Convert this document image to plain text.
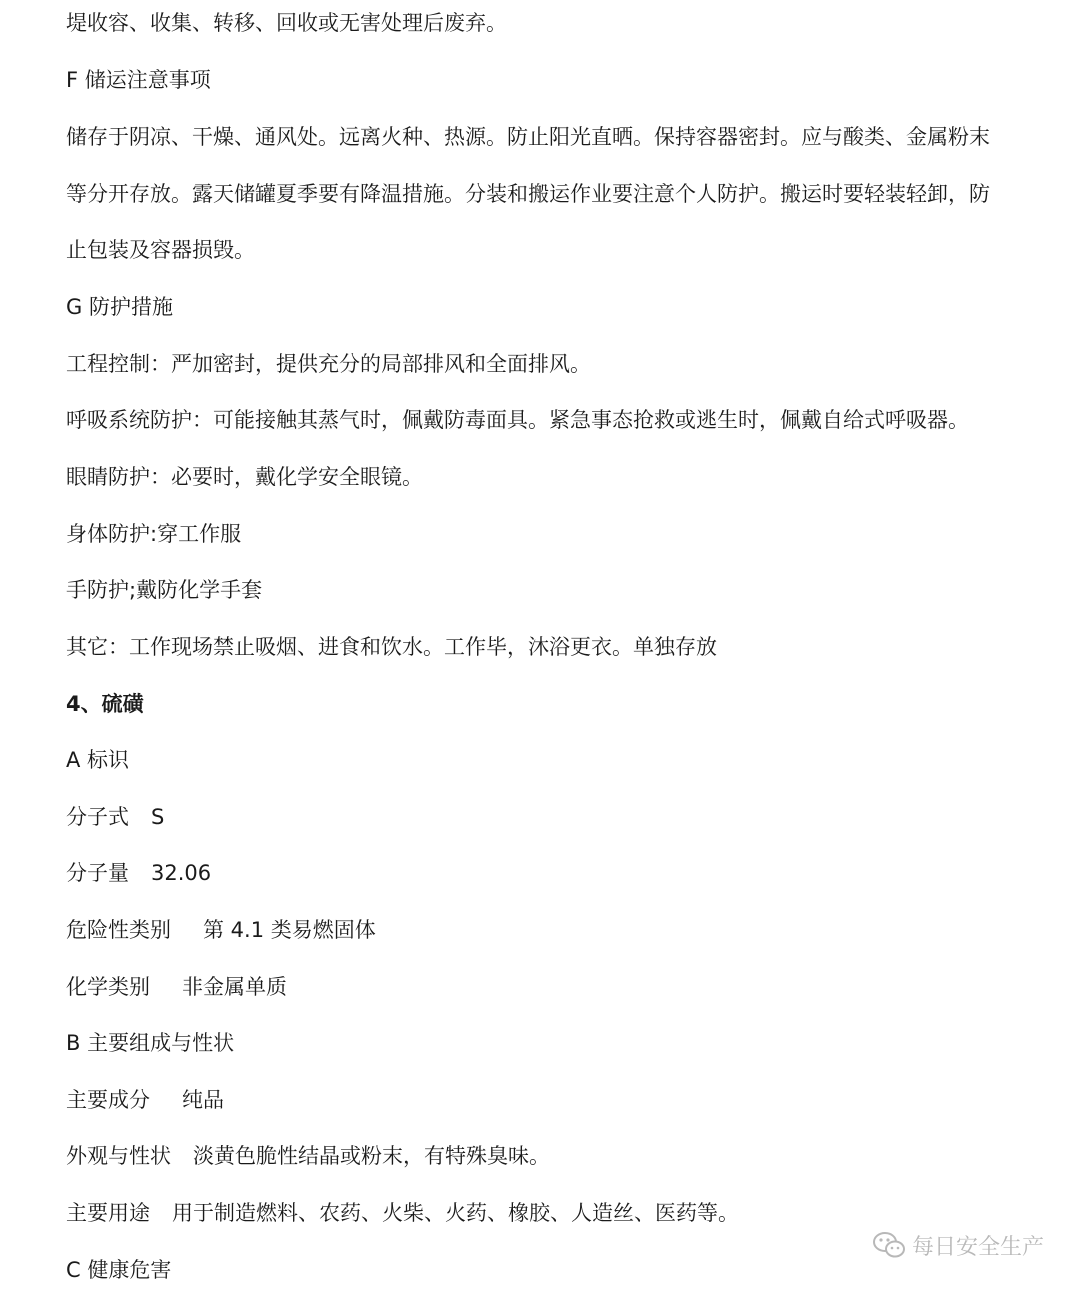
堤收容、收集、转移、回收或无害处理后废弃。
F 储运注意事项
储存于阴凉、干燥、通风处。远离火种、热源。防止阳光直晒。保持容器密封。应与酸类、金属粉末
等分开存放。露天储罐夏季要有降温措施。分装和搬运作业要注意个人防护。搬运时要轻装轻卸，防
止包装及容器损毁。
G 防护措施
工程控制：严加密封，提供充分的局部排风和全面排风。
呼吸系统防护：可能接触其蒸气时，佩戴防毒面具。紧急事态抢救或逃生时，佩戴自给式呼吸器。
眼睛防护：必要时，戴化学安全眼镜。
身体防护:穿工作服
手防护;戴防化学手套
其它：工作现场禁止吸烟、进食和饮水。工作毕，沐浴更衣。单独存放
4、硫磺
A 标识
分子式 S
分子量 32.06
危险性类别 第 4.1 类易燃固体
化学类别 非金属单质
B 主要组成与性状
主要成分 纯品
外观与性状 淡黄色脆性结晶或粉末，有特殊臭味。
主要用途 用于制造燃料、农药、火柴、火药、橡胶、人造丝、医药等。
C 健康危害
每日安全生产
